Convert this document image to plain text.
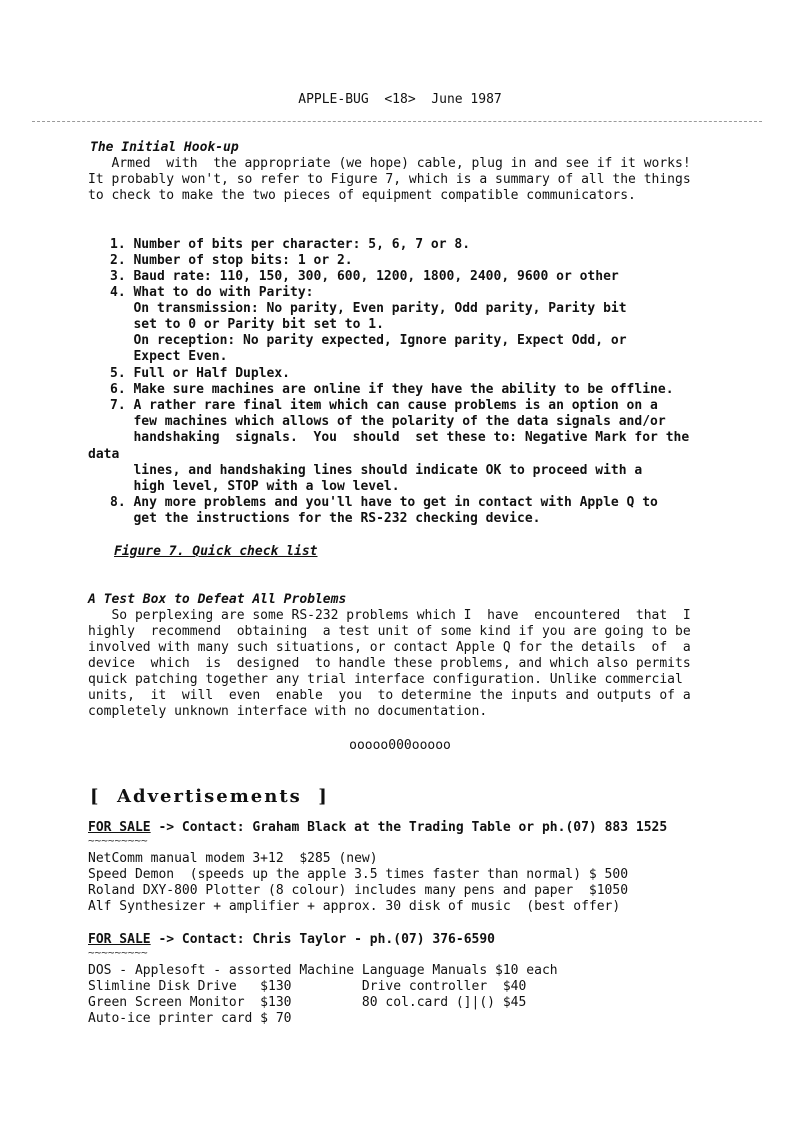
APPLE-BUG  <18>  June 1987
The Initial Hook-up
Armed  with  the appropriate (we hope) cable, plug in and see if it works!
It probably won't, so refer to Figure 7, which is a summary of all the things
to check to make the two pieces of equipment compatible communicators.
1. Number of bits per character: 5, 6, 7 or 8.
2. Number of stop bits: 1 or 2.
3. Baud rate: 110, 150, 300, 600, 1200, 1800, 2400, 9600 or other
4. What to do with Parity:
On transmission: No parity, Even parity, Odd parity, Parity bit
set to 0 or Parity bit set to 1.
On reception: No parity expected, Ignore parity, Expect Odd, or
Expect Even.
5. Full or Half Duplex.
6. Make sure machines are online if they have the ability to be offline.
7. A rather rare final item which can cause problems is an option on a
few machines which allows of the polarity of the data signals and/or
handshaking  signals.  You  should  set these to: Negative Mark for the
data
lines, and handshaking lines should indicate OK to proceed with a
high level, STOP with a low level.
8. Any more problems and you'll have to get in contact with Apple Q to
get the instructions for the RS-232 checking device.
Figure 7. Quick check list
A Test Box to Defeat All Problems
So perplexing are some RS-232 problems which I  have  encountered  that  I
highly  recommend  obtaining  a test unit of some kind if you are going to be
involved with many such situations, or contact Apple Q for the details  of  a
device  which  is  designed  to handle these problems, and which also permits
quick patching together any trial interface configuration. Unlike commercial
units,  it  will  even  enable  you  to determine the inputs and outputs of a
completely unknown interface with no documentation.
ooooo000ooooo
[  Advertisements  ]
FOR SALE -> Contact: Graham Black at the Trading Table or ph.(07) 883 1525
~~~~~~~~~
NetComm manual modem 3+12  $285 (new)
Speed Demon  (speeds up the apple 3.5 times faster than normal) $ 500
Roland DXY-800 Plotter (8 colour) includes many pens and paper  $1050
Alf Synthesizer + amplifier + approx. 30 disk of music  (best offer)
FOR SALE -> Contact: Chris Taylor - ph.(07) 376-6590
~~~~~~~~~
DOS - Applesoft - assorted Machine Language Manuals $10 each
Slimline Disk Drive   $130         Drive controller  $40
Green Screen Monitor  $130         80 col.card (]|() $45
Auto-ice printer card $ 70
